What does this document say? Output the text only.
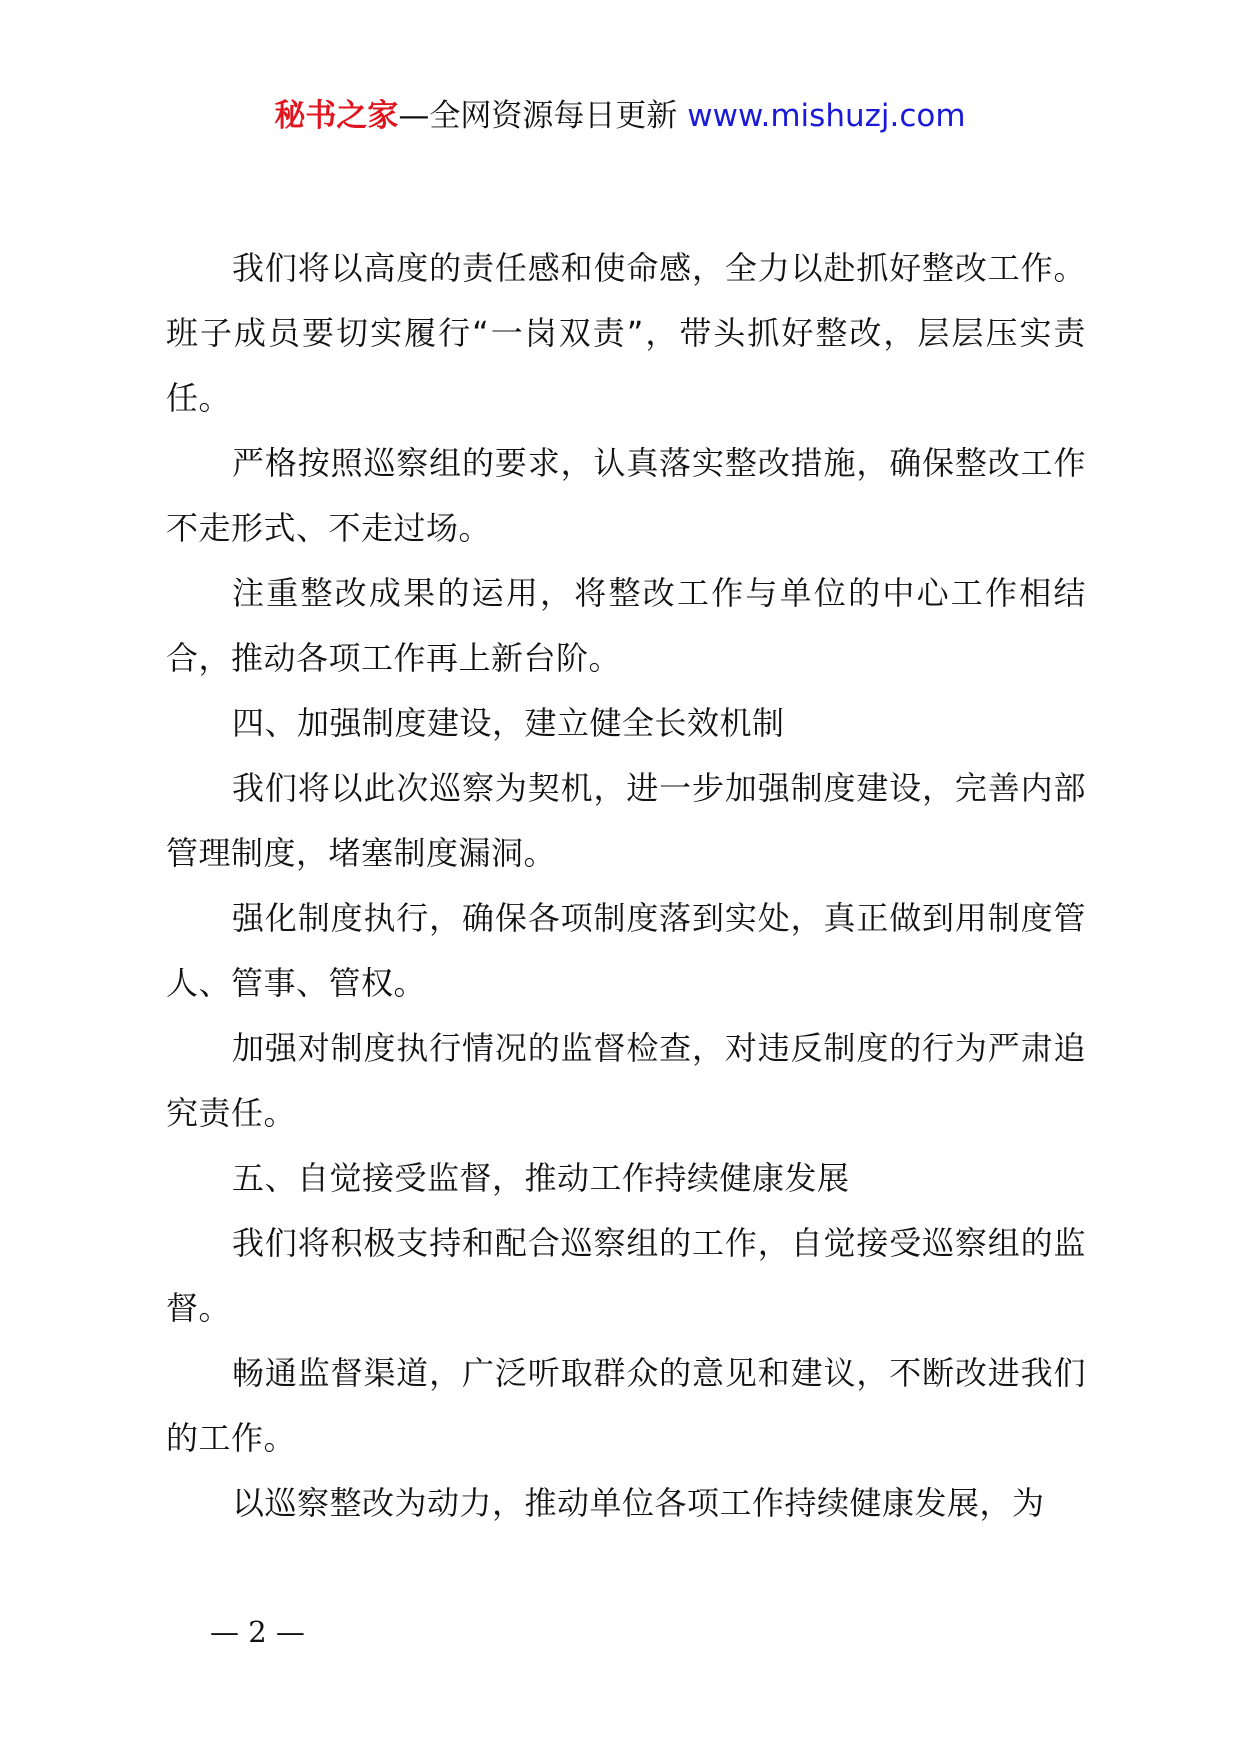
秘书之家—全网资源每日更新 www.mishuzj.com

我们将以高度的责任感和使命感，全力以赴抓好整改工作。班子成员要切实履行“一岗双责”，带头抓好整改，层层压实责任。

严格按照巡察组的要求，认真落实整改措施，确保整改工作不走形式、不走过场。

注重整改成果的运用，将整改工作与单位的中心工作相结合，推动各项工作再上新台阶。

四、加强制度建设，建立健全长效机制

我们将以此次巡察为契机，进一步加强制度建设，完善内部管理制度，堵塞制度漏洞。

强化制度执行，确保各项制度落到实处，真正做到用制度管人、管事、管权。

加强对制度执行情况的监督检查，对违反制度的行为严肃追究责任。

五、自觉接受监督，推动工作持续健康发展

我们将积极支持和配合巡察组的工作，自觉接受巡察组的监督。

畅通监督渠道，广泛听取群众的意见和建议，不断改进我们的工作。

以巡察整改为动力，推动单位各项工作持续健康发展，为

— 2 —
